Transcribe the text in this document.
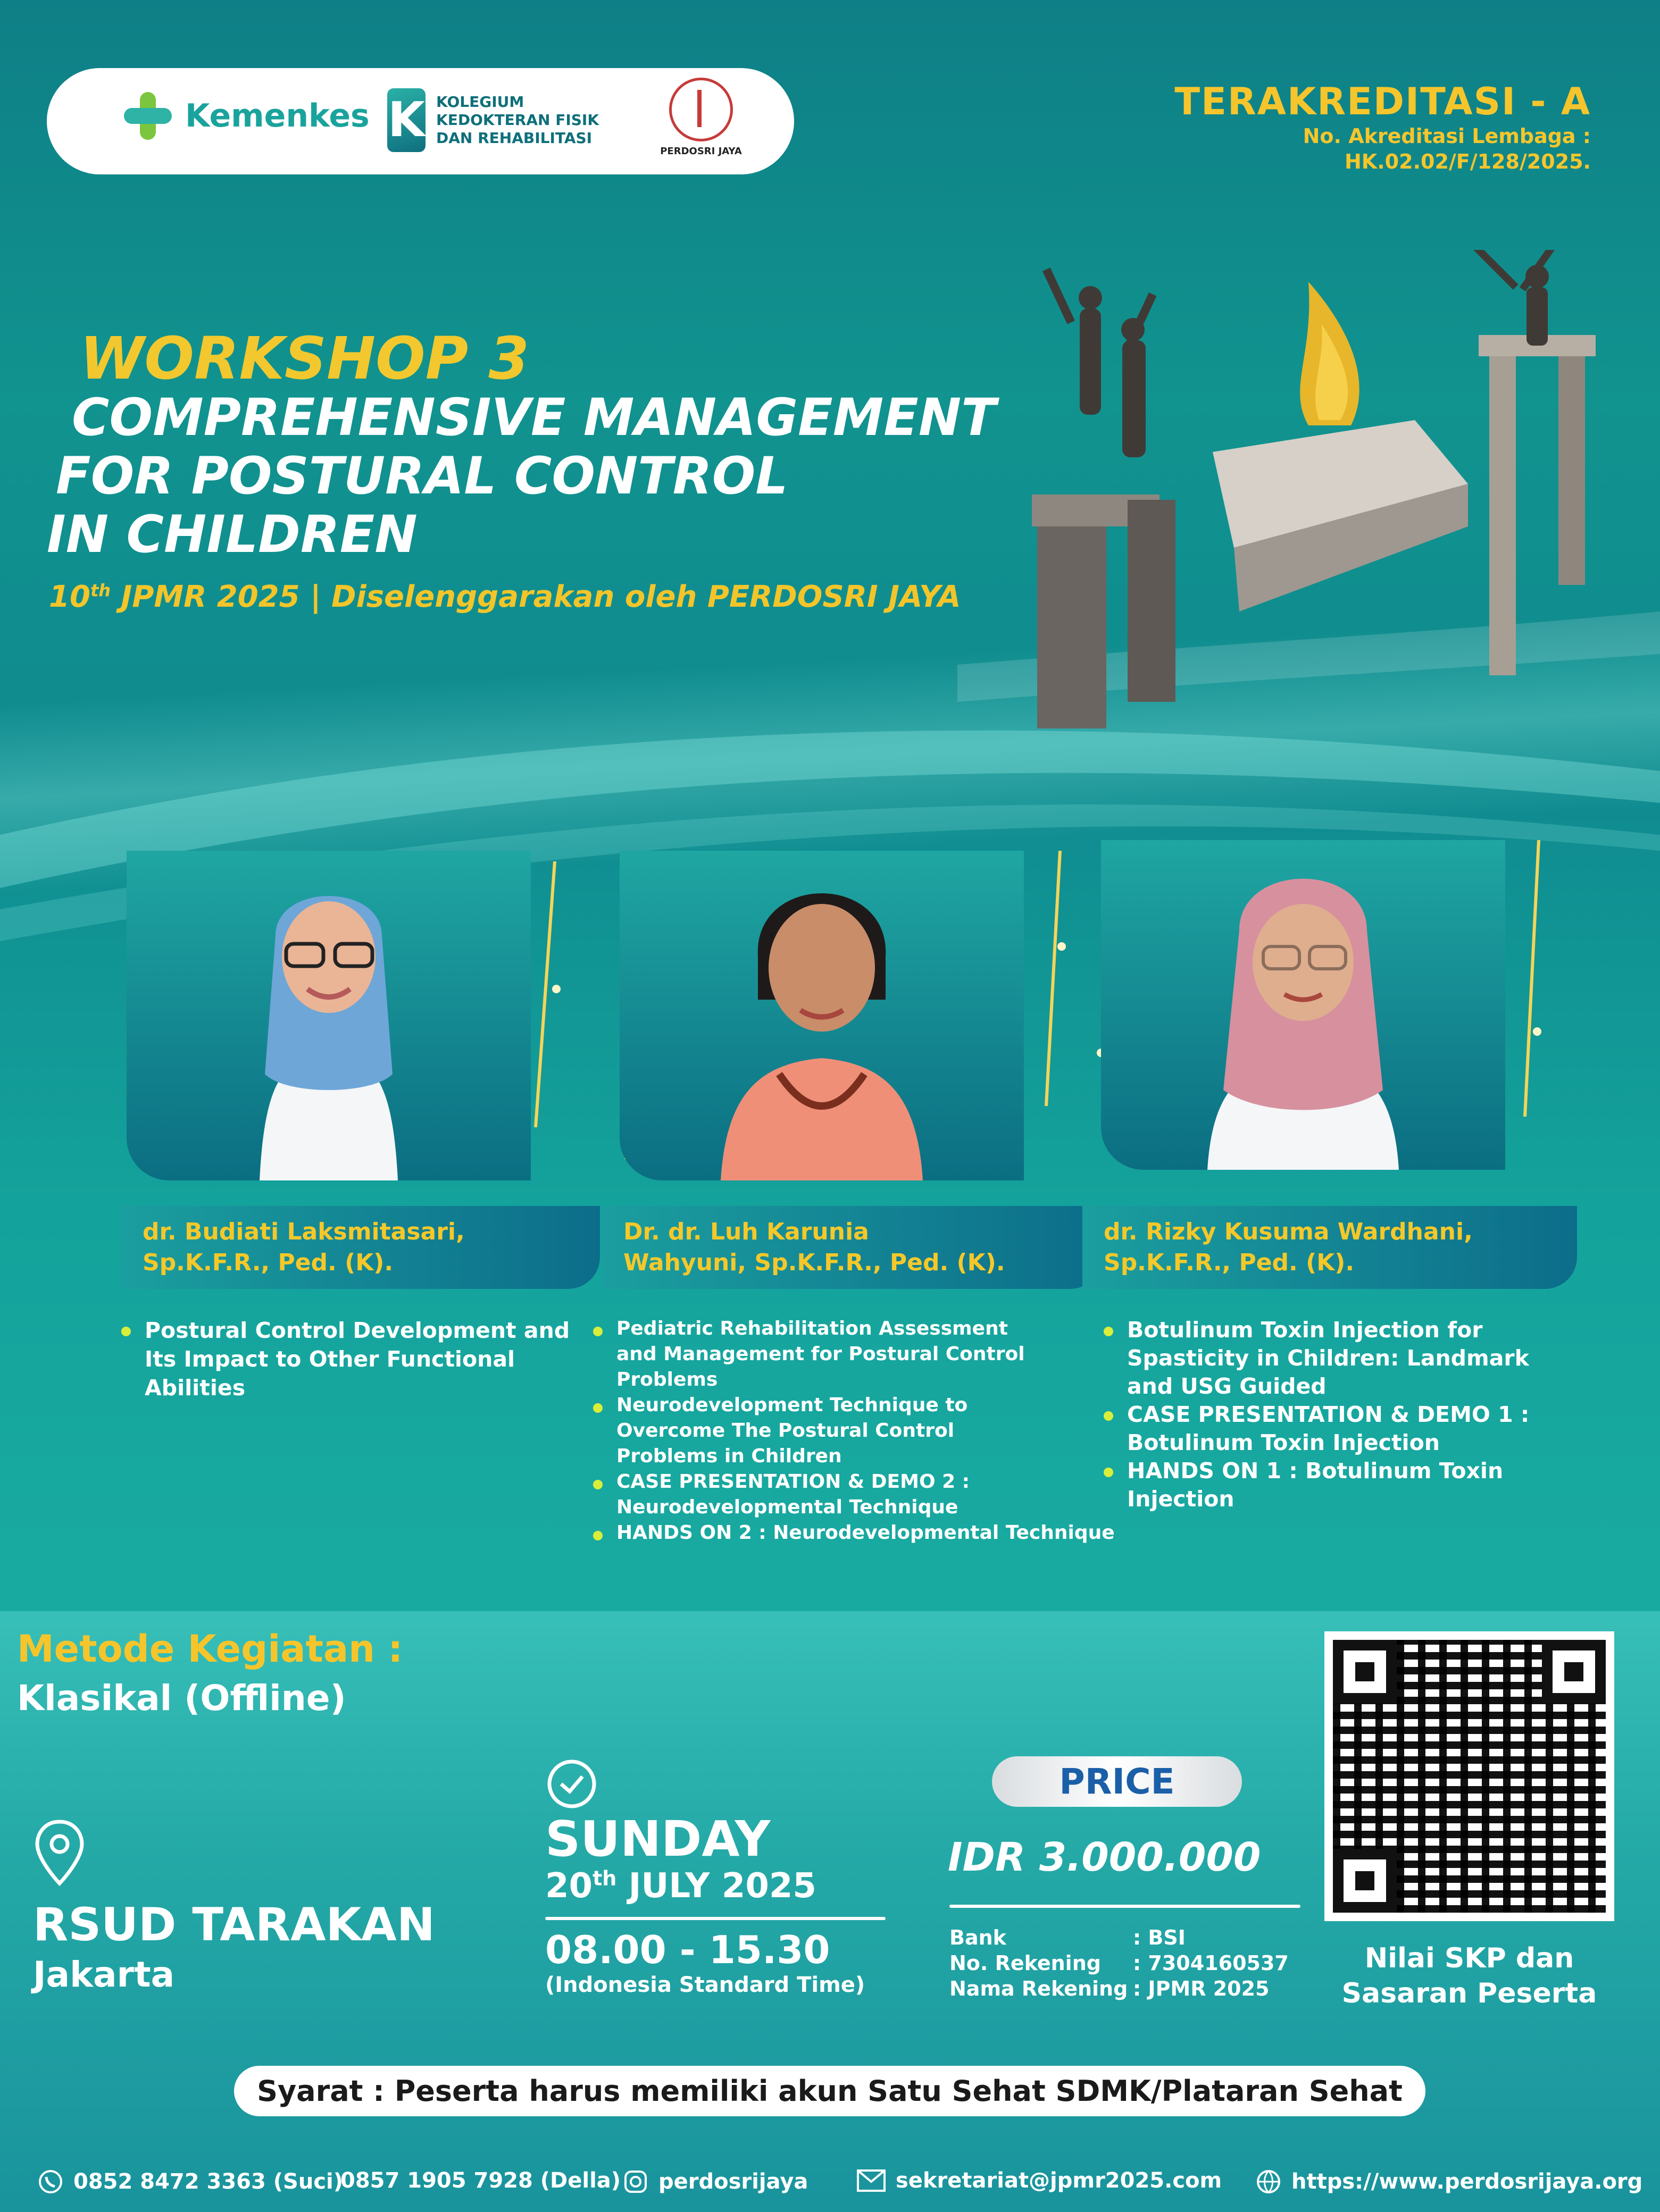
Kemenkes K KOLEGIUM KEDOKTERAN FISIK DAN REHABILITASI
PERDOSRI JAYA
TERAKREDITASI - A
No. Akreditasi Lembaga :
HK.02.02/F/128/2025.
WORKSHOP 3
COMPREHENSIVE MANAGEMENT
FOR POSTURAL CONTROL
IN CHILDREN
10th JPMR 2025 | Diselenggarakan oleh PERDOSRI JAYA
dr. Budiati Laksmitasari,
Sp.K.F.R., Ped. (K).
Dr. dr. Luh Karunia
Wahyuni, Sp.K.F.R., Ped. (K).
dr. Rizky Kusuma Wardhani,
Sp.K.F.R., Ped. (K).
Postural Control Development and Its Impact to Other Functional Abilities
Pediatric Rehabilitation Assessment and Management for Postural Control Problems
Neurodevelopment Technique to Overcome The Postural Control Problems in Children
CASE PRESENTATION & DEMO 2 : Neurodevelopmental Technique
HANDS ON 2 : Neurodevelopmental Technique
Botulinum Toxin Injection for Spasticity in Children: Landmark and USG Guided
CASE PRESENTATION & DEMO 1 : Botulinum Toxin Injection
HANDS ON 1 : Botulinum Toxin Injection
Metode Kegiatan :
Klasikal (Offline)
RSUD TARAKAN
Jakarta
SUNDAY
20th JULY 2025
08.00 - 15.30
(Indonesia Standard Time)
PRICE
IDR 3.000.000
Bank	: BSI
No. Rekening	: 7304160537
Nama Rekening : JPMR 2025
Nilai SKP dan
Sasaran Peserta
Syarat : Peserta harus memiliki akun Satu Sehat SDMK/Plataran Sehat
0852 8472 3363 (Suci)
0857 1905 7928 (Della) perdosrijaya	sekretariat@jpmr2025.com	https://www.perdosrijaya.org
